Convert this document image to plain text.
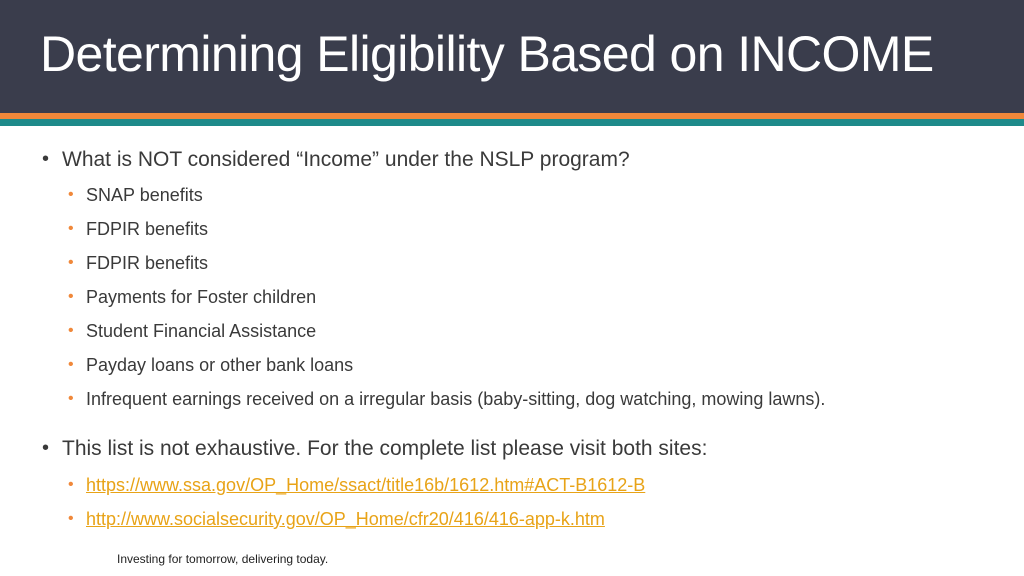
Determining Eligibility Based on INCOME
• What is NOT considered “Income” under the NSLP program?
• SNAP benefits
• FDPIR benefits
• FDPIR benefits
• Payments for Foster children
• Student Financial Assistance
• Payday loans or other bank loans
• Infrequent earnings received on a irregular basis (baby-sitting, dog watching, mowing lawns).
• This list is not exhaustive. For the complete list please visit both sites:
• https://www.ssa.gov/OP_Home/ssact/title16b/1612.htm#ACT-B1612-B
• http://www.socialsecurity.gov/OP_Home/cfr20/416/416-app-k.htm
Investing for tomorrow, delivering today.
